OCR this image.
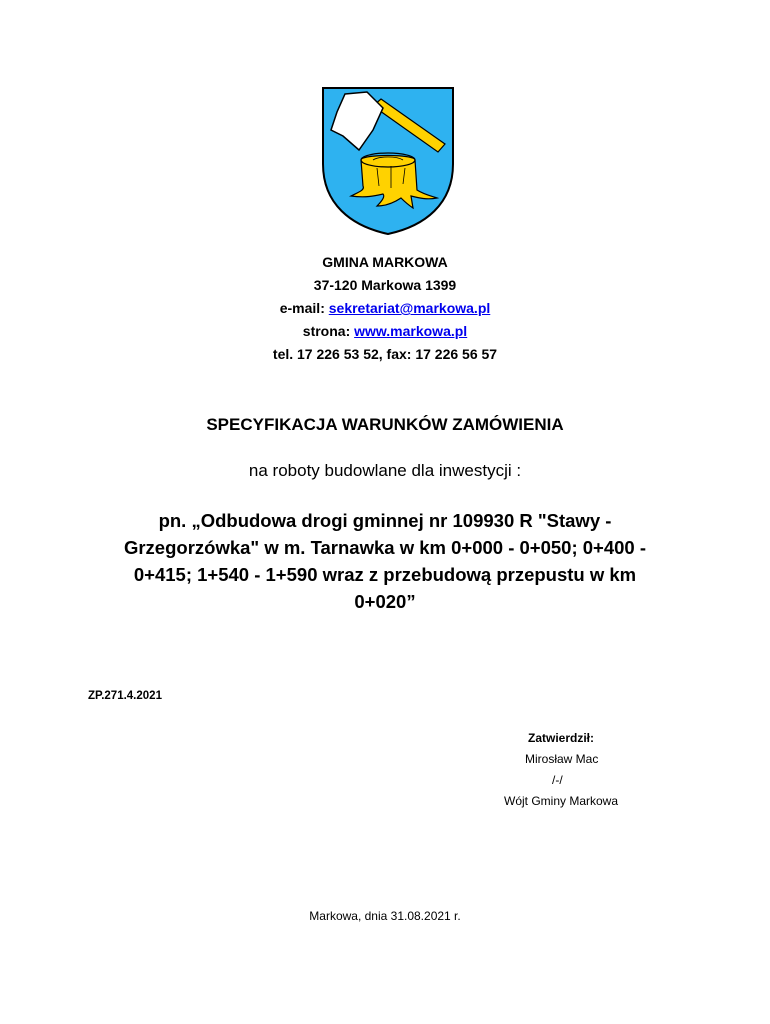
GMINA MARKOWA
37-120 Markowa 1399
e-mail: sekretariat@markowa.pl
strona: www.markowa.pl
tel. 17 226 53 52, fax: 17 226 56 57
SPECYFIKACJA WARUNKÓW ZAMÓWIENIA
na roboty budowlane dla inwestycji :
pn. „Odbudowa drogi gminnej nr 109930 R "Stawy -
Grzegorzówka" w m. Tarnawka w km 0+000 - 0+050; 0+400 -
0+415; 1+540 - 1+590 wraz z przebudową przepustu w km
0+020”
ZP.271.4.2021
Zatwierdził:
Mirosław Mac
/-/
Wójt Gminy Markowa
Markowa, dnia 31.08.2021 r.
